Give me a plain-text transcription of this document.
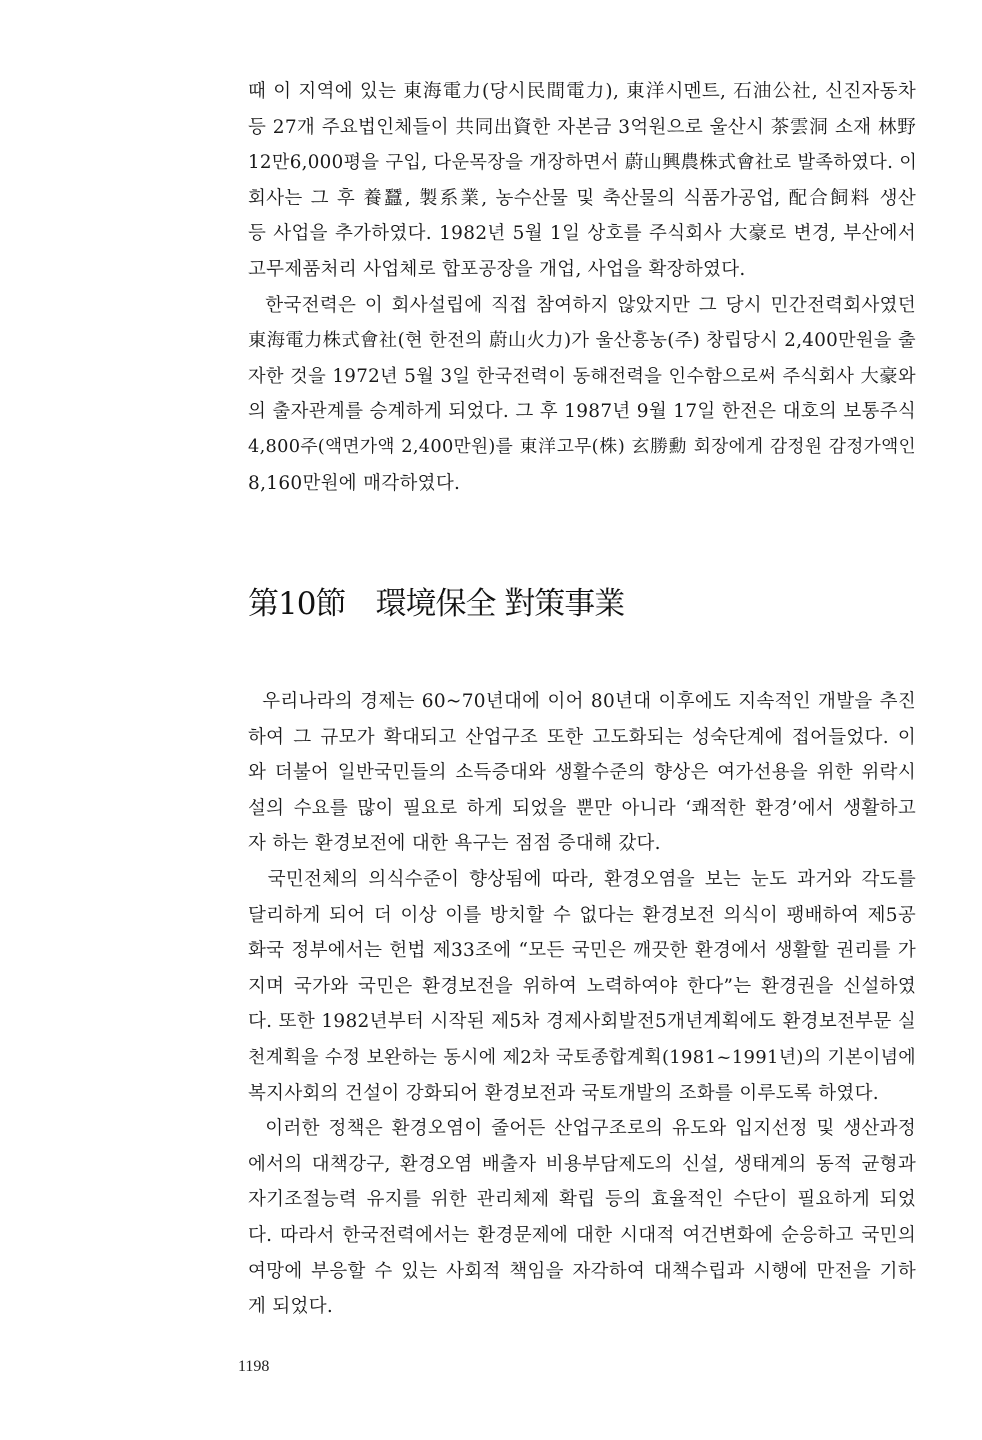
때 이 지역에 있는 東海電力(당시民間電力), 東洋시멘트, 石油公社, 신진자동차
등 27개 주요법인체들이 共同出資한 자본금 3억원으로 울산시 茶雲洞 소재 林野
12만6,000평을 구입, 다운목장을 개장하면서 蔚山興農株式會社로 발족하였다. 이
회사는 그 후 養蠶, 製系業, 농수산물 및 축산물의 식품가공업, 配合飼料 생산
등 사업을 추가하였다. 1982년 5월 1일 상호를 주식회사 大豪로 변경, 부산에서
고무제품처리 사업체로 합포공장을 개업, 사업을 확장하였다.
한국전력은 이 회사설립에 직접 참여하지 않았지만 그 당시 민간전력회사였던
東海電力株式會社(현 한전의 蔚山火力)가 울산흥농(주) 창립당시 2,400만원을 출
자한 것을 1972년 5월 3일 한국전력이 동해전력을 인수함으로써 주식회사 大豪와
의 출자관계를 승계하게 되었다. 그 후 1987년 9월 17일 한전은 대호의 보통주식
4,800주(액면가액 2,400만원)를 東洋고무(株) 玄勝勳 회장에게 감정원 감정가액인
8,160만원에 매각하였다.
第10節 環境保全 對策事業
우리나라의 경제는 60~70년대에 이어 80년대 이후에도 지속적인 개발을 추진
하여 그 규모가 확대되고 산업구조 또한 고도화되는 성숙단계에 접어들었다. 이
와 더불어 일반국민들의 소득증대와 생활수준의 향상은 여가선용을 위한 위락시
설의 수요를 많이 필요로 하게 되었을 뿐만 아니라 ‘쾌적한 환경’에서 생활하고
자 하는 환경보전에 대한 욕구는 점점 증대해 갔다.
국민전체의 의식수준이 향상됨에 따라, 환경오염을 보는 눈도 과거와 각도를
달리하게 되어 더 이상 이를 방치할 수 없다는 환경보전 의식이 팽배하여 제5공
화국 정부에서는 헌법 제33조에 “모든 국민은 깨끗한 환경에서 생활할 권리를 가
지며 국가와 국민은 환경보전을 위하여 노력하여야 한다”는 환경권을 신설하였
다. 또한 1982년부터 시작된 제5차 경제사회발전5개년계획에도 환경보전부문 실
천계획을 수정 보완하는 동시에 제2차 국토종합계획(1981~1991년)의 기본이념에
복지사회의 건설이 강화되어 환경보전과 국토개발의 조화를 이루도록 하였다.
이러한 정책은 환경오염이 줄어든 산업구조로의 유도와 입지선정 및 생산과정
에서의 대책강구, 환경오염 배출자 비용부담제도의 신설, 생태계의 동적 균형과
자기조절능력 유지를 위한 관리체제 확립 등의 효율적인 수단이 필요하게 되었
다. 따라서 한국전력에서는 환경문제에 대한 시대적 여건변화에 순응하고 국민의
여망에 부응할 수 있는 사회적 책임을 자각하여 대책수립과 시행에 만전을 기하
게 되었다.
1198
